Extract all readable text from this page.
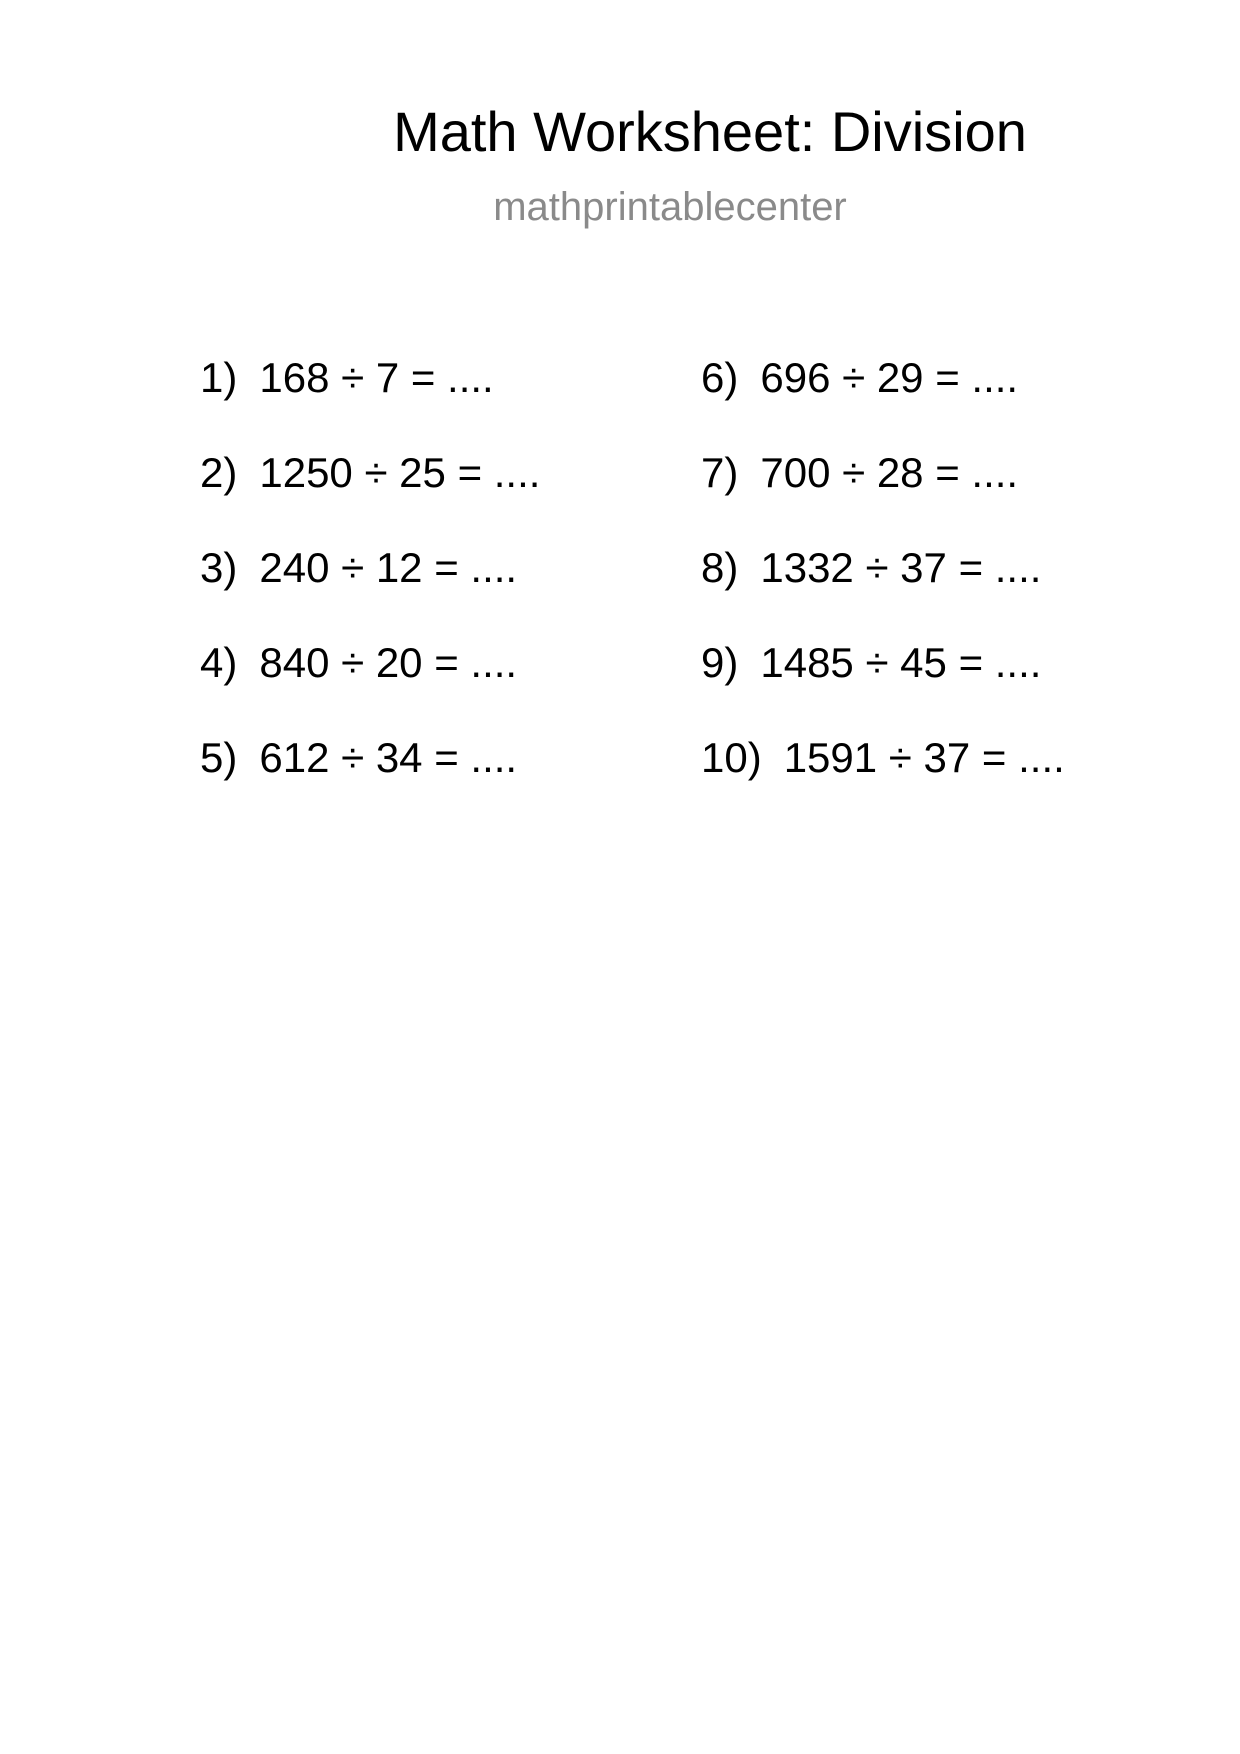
Math Worksheet: Division
mathprintablecenter
1) 168 ÷ 7 = ....
2) 1250 ÷ 25 = ....
3) 240 ÷ 12 = ....
4) 840 ÷ 20 = ....
5) 612 ÷ 34 = ....
6) 696 ÷ 29 = ....
7) 700 ÷ 28 = ....
8) 1332 ÷ 37 = ....
9) 1485 ÷ 45 = ....
10) 1591 ÷ 37 = ....
